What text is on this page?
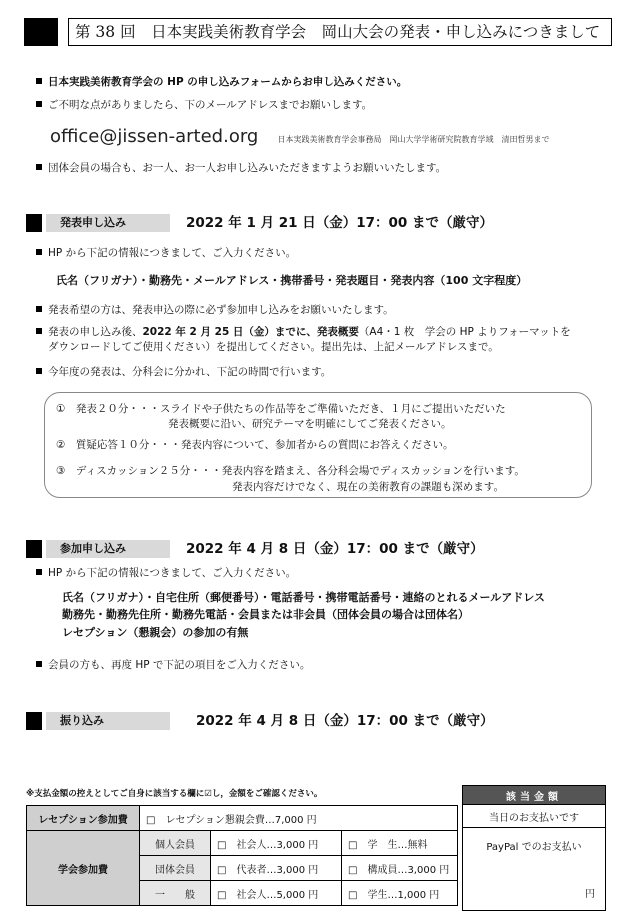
第 38 回　日本実践美術教育学会　岡山大会の発表・申し込みにつきまして
日本実践美術教育学会の HP の申し込みフォームからお申し込みください。
ご不明な点がありましたら、下のメールアドレスまでお願いします。
office@jissen-arted.org 日本実践美術教育学会事務局　岡山大学学術研究院教育学域　清田哲男まで
団体会員の場合も、お一人、お一人お申し込みいただきますようお願いいたします。
発表申し込み	2022 年 1 月 21 日（金）17：00 まで（厳守）
HP から下記の情報につきまして、ご入力ください。
氏名（フリガナ）・勤務先・メールアドレス・携帯番号・発表題目・発表内容（100 文字程度）
発表希望の方は、発表申込の際に必ず参加申し込みをお願いいたします。
発表の申し込み後、2022 年 2 月 25 日（金）までに、発表概要（A4・1 枚　学会の HP よりフォーマットを
ダウンロードしてご使用ください）を提出してください。提出先は、上記メールアドレスまで。
今年度の発表は、分科会に分かれ、下記の時間で行います。
①　発表２０分・・・スライドや子供たちの作品等をご準備いただき、１月にご提出いただいた
発表概要に沿い、研究テーマを明確にしてご発表ください。
②　質疑応答１０分・・・発表内容について、参加者からの質問にお答えください。
③　ディスカッション２５分・・・発表内容を踏まえ、各分科会場でディスカッションを行います。
発表内容だけでなく、現在の美術教育の課題も深めます。
参加申し込み	2022 年 4 月 8 日（金）17：00 まで（厳守）
HP から下記の情報につきまして、ご入力ください。
氏名（フリガナ）・自宅住所（郵便番号）・電話番号・携帯電話番号・連絡のとれるメールアドレス
勤務先・勤務先住所・勤務先電話・会員または非会員（団体会員の場合は団体名）
レセプション（懇親会）の参加の有無
会員の方も、再度 HP で下記の項目をご入力ください。
振り込み	2022 年 4 月 8 日（金）17：00 まで（厳守）
※支払金額の控えとしてご自身に該当する欄に☑し，金額をご確認ください。
レセプション参加費	□　レセプション懇親会費…7,000 円		
学会参加費	個人会員	□　社会人…3,000 円	□　学　生…無料
	団体会員	□　代表者…3,000 円	□　構成員…3,000 円
	一　　般	□　社会人…5,000 円	□　学生…1,000 円
該当金額
当日のお支払いです

PayPal でのお支払い
円
